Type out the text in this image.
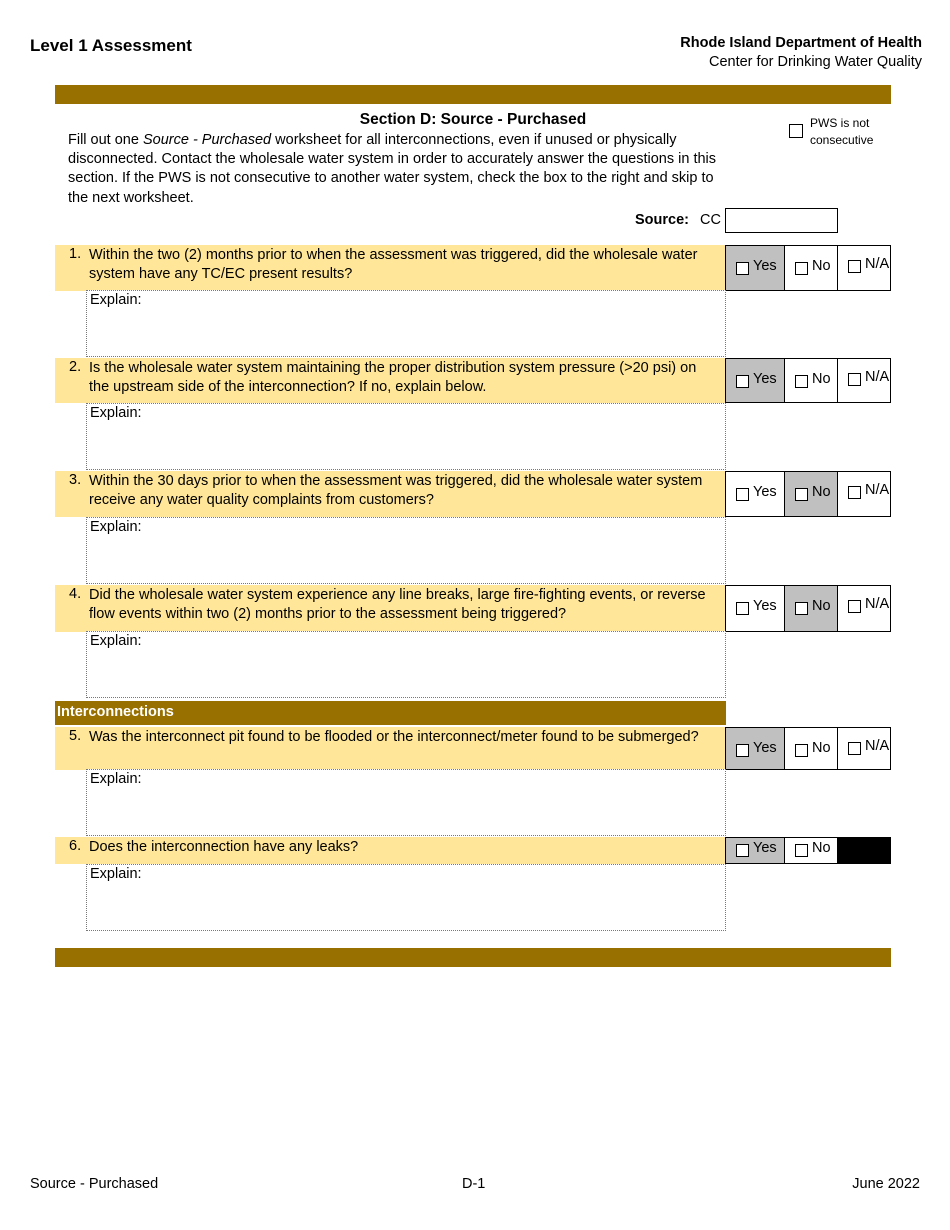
Level 1 Assessment	Rhode Island Department of Health
Center for Drinking Water Quality
Section D: Source - Purchased
Fill out one Source - Purchased worksheet for all interconnections, even if unused or physically disconnected. Contact the wholesale water system in order to accurately answer the questions in this section. If the PWS is not consecutive to another water system, check the box to the right and skip to the next worksheet.
PWS is not
consecutive
Source: CC
1. Within the two (2) months prior to when the assessment was triggered, did the wholesale water system have any TC/EC present results?
Yes No N/A
Explain:
2. Is the wholesale water system maintaining the proper distribution system pressure (>20 psi) on the upstream side of the interconnection? If no, explain below.
Yes No N/A
Explain:
3. Within the 30 days prior to when the assessment was triggered, did the wholesale water system receive any water quality complaints from customers?
Yes No N/A
Explain:
4. Did the wholesale water system experience any line breaks, large fire-fighting events, or reverse flow events within two (2) months prior to the assessment being triggered?
Yes No N/A
Explain:
5. Was the interconnect pit found to be flooded or the interconnect/meter found to be submerged?
Yes No N/A
Explain:
6. Does the interconnection have any leaks?	Yes No
Explain:
Interconnections
Source - Purchased	D-1	June 2022
